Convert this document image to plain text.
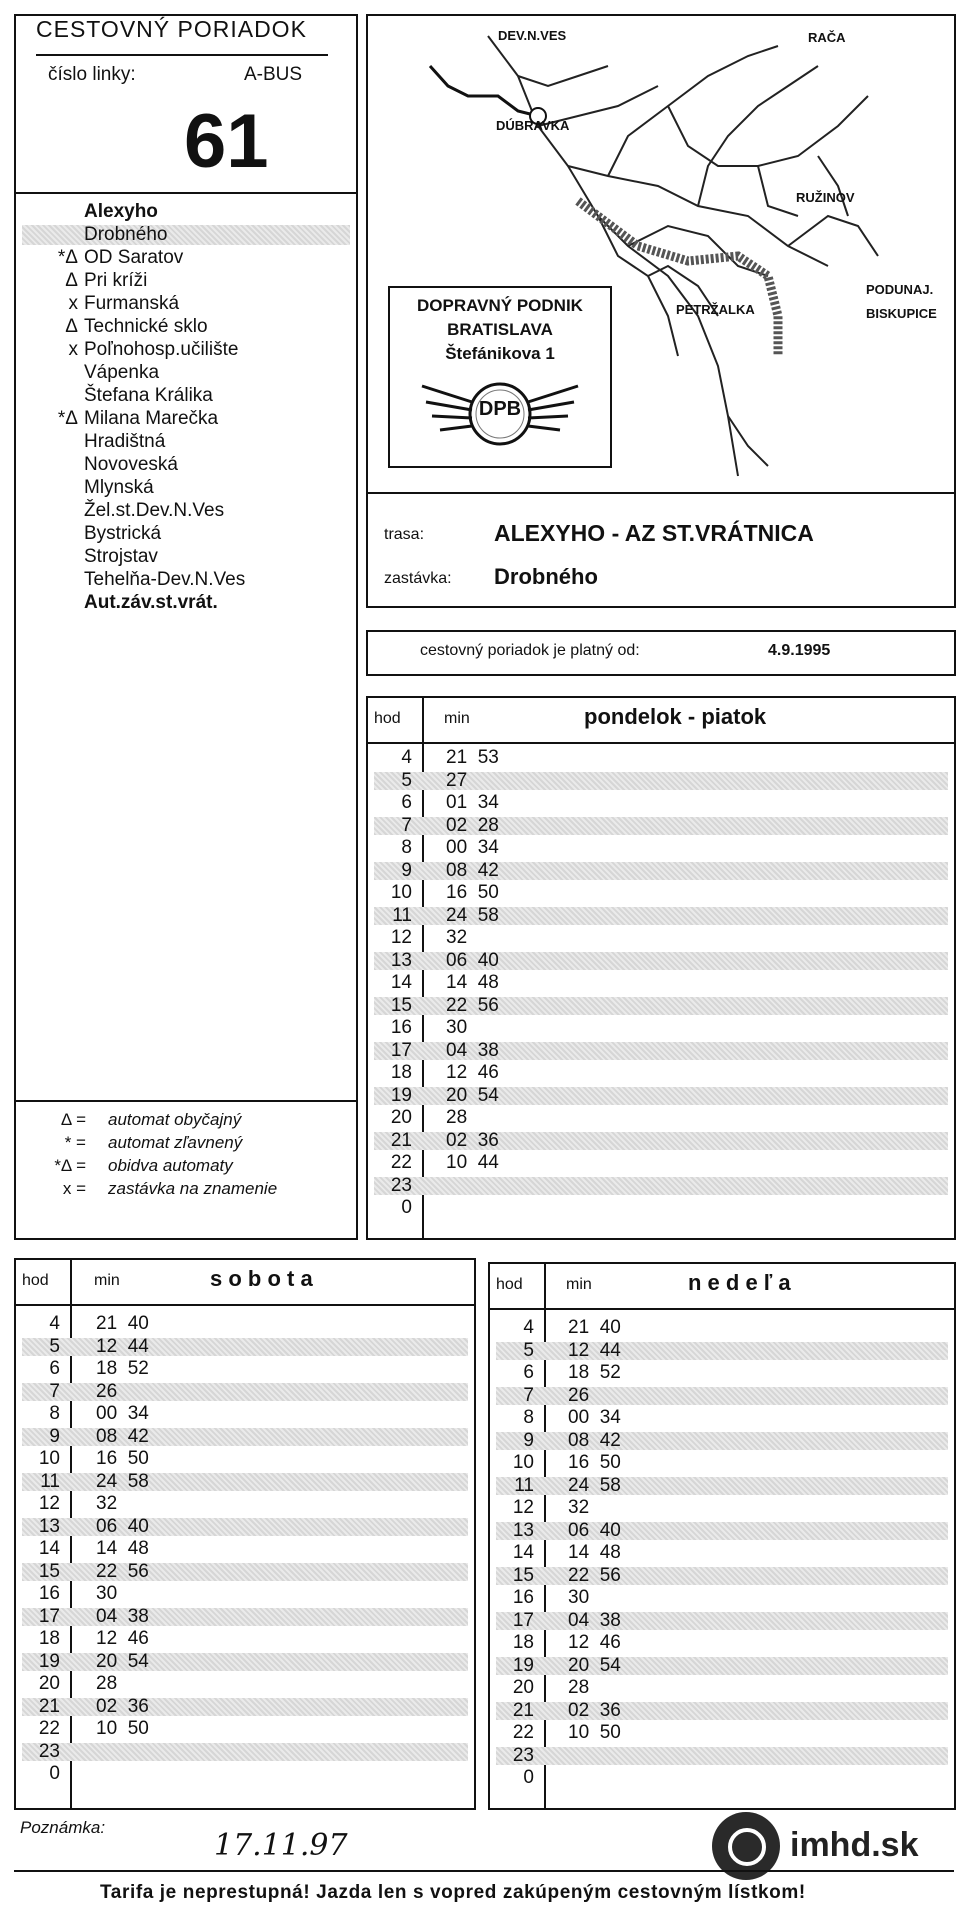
CESTOVNÝ PORIADOK
číslo linky:	A-BUS
61
Alexyho
Drobného
*Δ OD Saratov
Δ Pri kríži
x Furmanská
Δ Technické sklo
x Poľnohosp.učilište
Vápenka
Štefana Králika
*Δ Milana Marečka
Hradištná
Novoveská
Mlynská
Žel.st.Dev.N.Ves
Bystrická
Strojstav
Tehelňa-Dev.N.Ves
Aut.záv.st.vrát.
Δ = automat obyčajný
* = automat zľavnený
*Δ = obidva automaty
x = zastávka na znamenie
DEV.N.VES	RAČA
DÚBRAVKA
RUŽINOV
PETRŽALKA
PODUNAJ.
BISKUPICE
DOPRAVNÝ PODNIK
BRATISLAVA
Štefánikova 1
DPB
trasa:	ALEXYHO - AZ ST.VRÁTNICA
zastávka: Drobného
cestovný poriadok je platný od:	4.9.1995
hod	min	pondelok - piatok
4 21  53
5 27
6 01  34
7 02  28
8 00  34
9 08  42
10 16  50
11 24  58
12 32
13 06  40
14 14  48
15 22  56
16 30
17 04  38
18 12  46
19 20  54
20 28
21 02  36
22 10  44
23
0
hod	min	s o b o t a
4 21  40
5 12  44
6 18  52
7 26
8 00  34
9 08  42
10 16  50
11 24  58
12 32
13 06  40
14 14  48
15 22  56
16 30
17 04  38
18 12  46
19 20  54
20 28
21 02  36
22 10  50
23
0
hod	min	n e d e ľ a
4 21  40
5 12  44
6 18  52
7 26
8 00  34
9 08  42
10 16  50
11 24  58
12 32
13 06  40
14 14  48
15 22  56
16 30
17 04  38
18 12  46
19 20  54
20 28
21 02  36
22 10  50
23
0
Poznámka:
17.11.97	imhd.sk
Tarifa je neprestupná! Jazda len s vopred zakúpeným cestovným lístkom!
